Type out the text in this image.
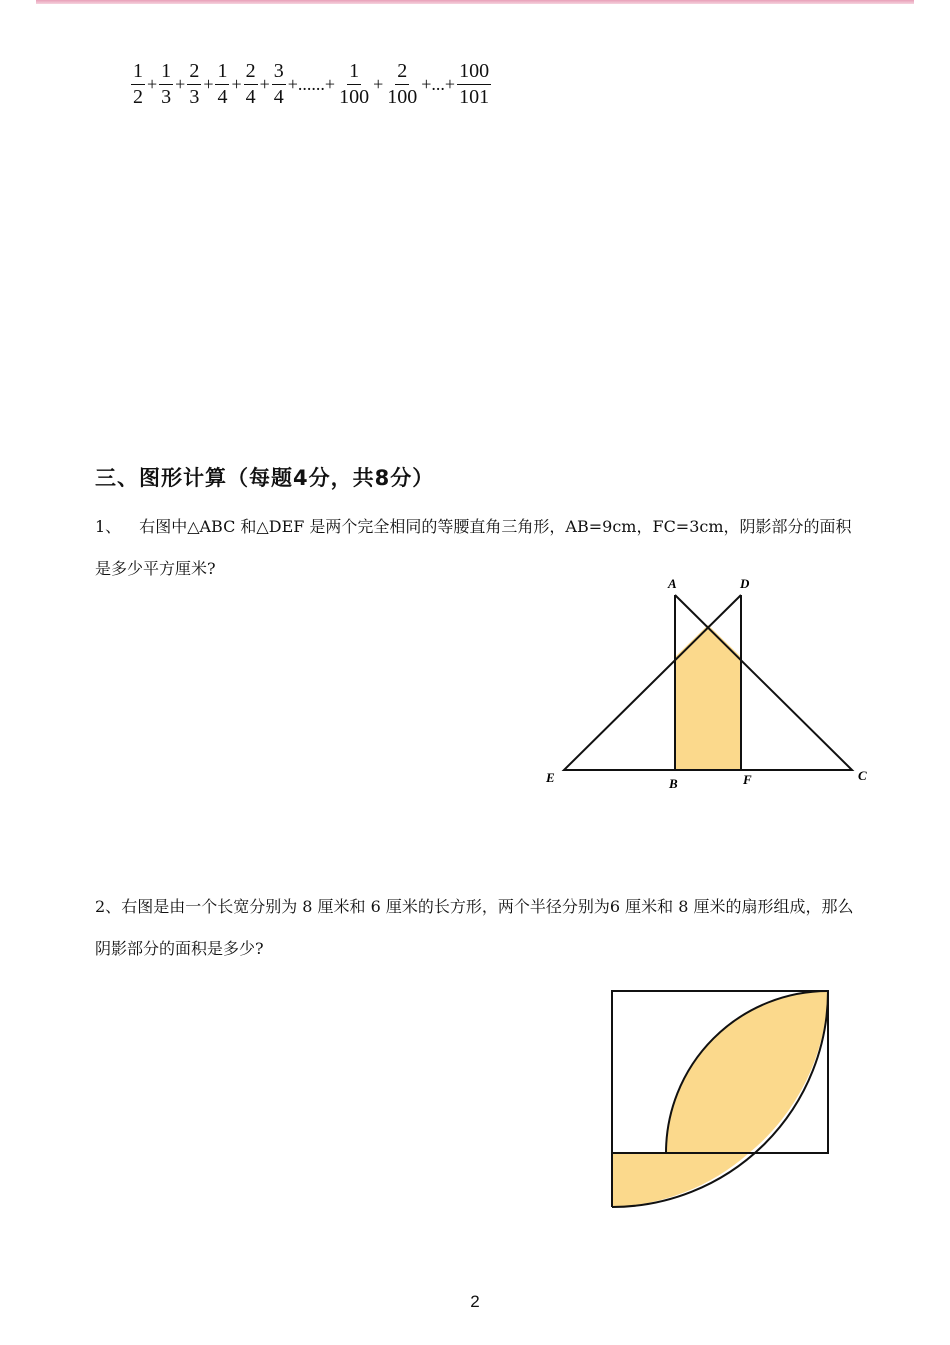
$\frac{1}{2} + \frac{1}{3} + \frac{2}{3} + \frac{1}{4} + \frac{2}{4} + \frac{3}{4}$ +......+ $\frac{1}{100} + \frac{2}{100}$ +...+ $\frac{100}{101}$
三、图形计算（每题4分，共8分）
1、 右图中△ABC 和△DEF 是两个完全相同的等腰直角三角形，AB=9cm，FC=3cm，阴影部分的面积是多少平方厘米?
A	D
E	B	F	C
2、右图是由一个长宽分别为 8 厘米和 6 厘米的长方形，两个半径分别为6 厘米和 8 厘米的扇形组成，那么阴影部分的面积是多少?
2
